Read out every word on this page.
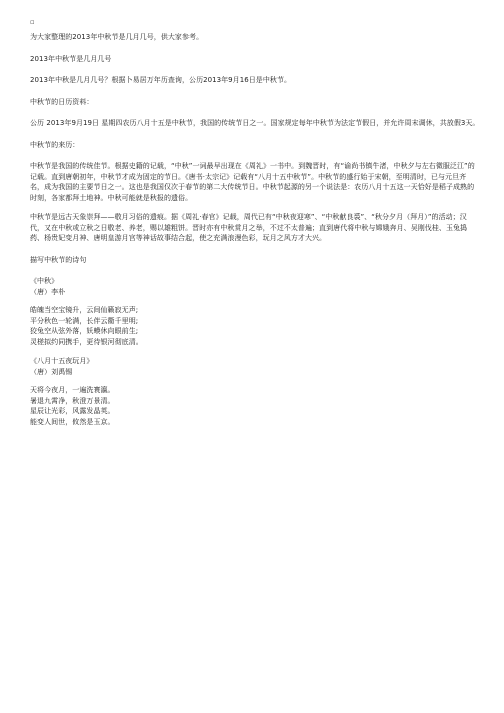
▫

为大家整理的2013年中秋节是几月几号，供大家参考。

2013年中秋节是几月几号

2013年中秋是几月几号？根据卜易居万年历查询，公历2013年9月16日是中秋节。

中秋节的日历资料：

公历 2013年9月19日 星期四农历八月十五是中秋节，我国的传统节日之一。国家规定每年中秋节为法定节假日，并允许周末调休，共放假3天。

中秋节的来历：

中秋节是我国的传统佳节。根据史籍的记载，“中秋”一词最早出现在《周礼》一书中。到魏晋时，有“谕尚书镇牛渚，中秋夕与左右微服泛江”的记载。直到唐朝初年，中秋节才成为固定的节日。《唐书·太宗记》记载有“八月十五中秋节”。中秋节的盛行始于宋朝，至明清时，已与元旦齐名，成为我国的主要节日之一。这也是我国仅次于春节的第二大传统节日。中秋节起源的另一个说法是：农历八月十五这一天恰好是稻子成熟的时刻，各家都拜土地神。中秋可能就是秋报的遗俗。

中秋节是远古天象崇拜——敬月习俗的遗痕。据《周礼·春官》记载，周代已有“中秋夜迎寒”、“中秋献良裘”、“秋分夕月（拜月）”的活动；汉代，又在中秋或立秋之日敬老、养老，赐以雄粗饼。晋时亦有中秋赏月之举，不过不太普遍；直到唐代将中秋与嫦娥奔月、吴刚伐桂、玉兔捣药、杨贵妃变月神、唐明皇游月宫等神话故事结合起，使之充满浪漫色彩，玩月之风方才大兴。

描写中秋节的诗句

《中秋》

（唐）李朴

皓魄当空宝镜升，云间仙籁寂无声;

平分秋色一轮满，长伴云衢千里明;

狡兔空从弦外落，妖蟆休向眼前生;

灵槎拟约同携手，更待银河彻底清。

《八月十五夜玩月》

（唐）刘禹锡

天将今夜月，一遍洗寰瀛。

暑退九霄净，秋澄万景清。

星辰让光彩，风露发晶英。

能变人间世，攸然是玉京。
